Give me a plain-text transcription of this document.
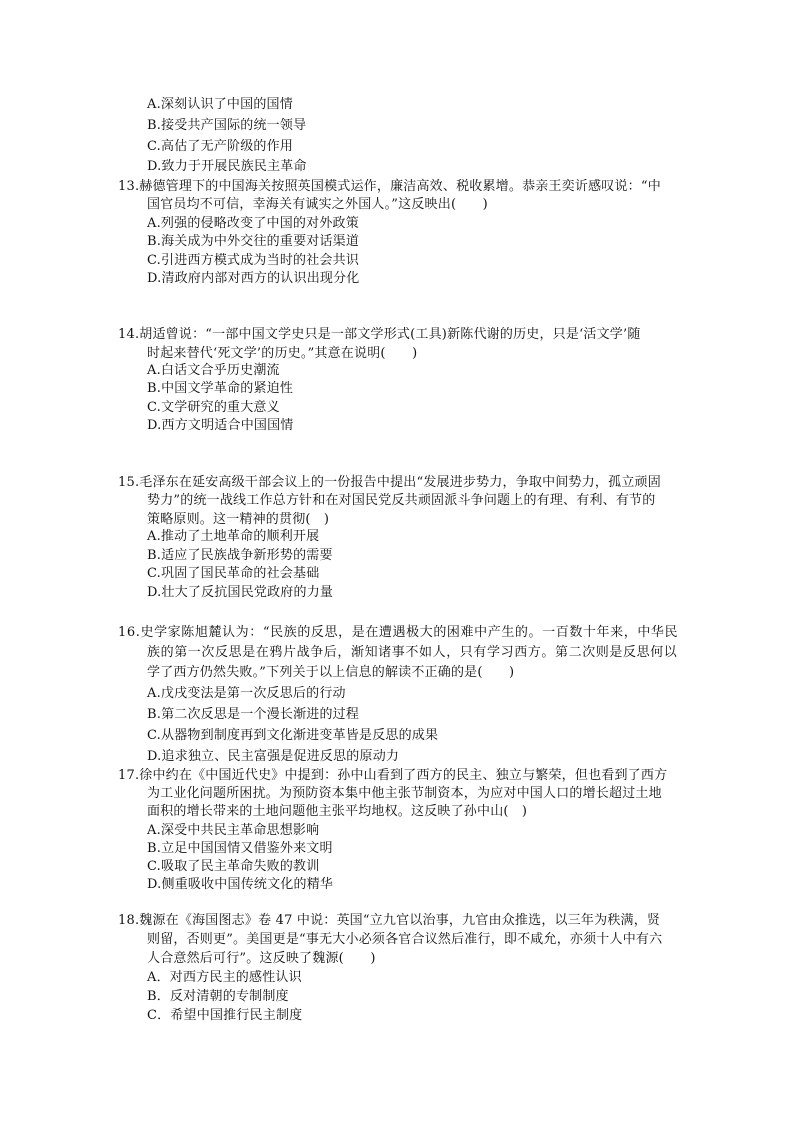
A.深刻认识了中国的国情
B.接受共产国际的统一领导
C.高估了无产阶级的作用
D.致力于开展民族民主革命
13.赫德管理下的中国海关按照英国模式运作，廉洁高效、税收累增。恭亲王奕䜣感叹说：“中
国官员均不可信，幸海关有诚实之外国人。”这反映出(　　)
A.列强的侵略改变了中国的对外政策
B.海关成为中外交往的重要对话渠道
C.引进西方模式成为当时的社会共识
D.清政府内部对西方的认识出现分化
14.胡适曾说：“一部中国文学史只是一部文学形式(工具)新陈代谢的历史，只是‘活文学’随
时起来替代‘死文学’的历史。”其意在说明(　　)
A.白话文合乎历史潮流
B.中国文学革命的紧迫性
C.文学研究的重大意义
D.西方文明适合中国国情
15.毛泽东在延安高级干部会议上的一份报告中提出“发展进步势力，争取中间势力，孤立顽固
势力”的统一战线工作总方针和在对国民党反共顽固派斗争问题上的有理、有利、有节的
策略原则。这一精神的贯彻(　)
A.推动了土地革命的顺利开展
B.适应了民族战争新形势的需要
C.巩固了国民革命的社会基础
D.壮大了反抗国民党政府的力量
16.史学家陈旭麓认为：“民族的反思，是在遭遇极大的困难中产生的。一百数十年来，中华民
族的第一次反思是在鸦片战争后，渐知诸事不如人，只有学习西方。第二次则是反思何以
学了西方仍然失败。”下列关于以上信息的解读不正确的是(　　)
A.戊戌变法是第一次反思后的行动
B.第二次反思是一个漫长渐进的过程
C.从器物到制度再到文化渐进变革皆是反思的成果
D.追求独立、民主富强是促进反思的原动力
17.徐中约在《中国近代史》中提到：孙中山看到了西方的民主、独立与繁荣，但也看到了西方
为工业化问题所困扰。为预防资本集中他主张节制资本，为应对中国人口的增长超过土地
面积的增长带来的土地问题他主张平均地权。这反映了孙中山(　)
A.深受中共民主革命思想影响
B.立足中国国情又借鉴外来文明
C.吸取了民主革命失败的教训
D.侧重吸收中国传统文化的精华
18.魏源在《海国图志》卷 47 中说：英国“立九官以治事，九官由众推选，以三年为秩满，贤
则留，否则更”。美国更是“事无大小必须各官合议然后准行，即不咸允，亦须十人中有六
人合意然后可行”。这反映了魏源(　　)
A．对西方民主的感性认识
B．反对清朝的专制制度
C．希望中国推行民主制度
